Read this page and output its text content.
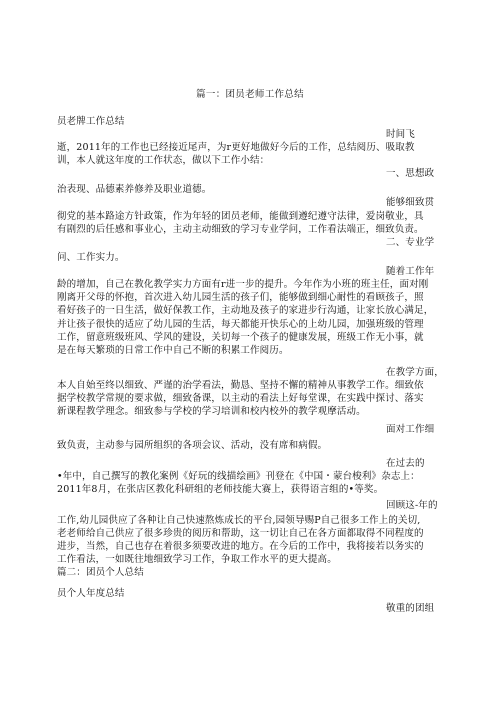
篇一：团员老师工作总结
员老牌工作总结
时间飞
逝，2011年的工作也已经接近尾声，为r更好地做好今后的工作，总结阅历、吸取教
训，本人就这年度的工作状态，做以下工作小结：
一、思想政
治表现、品德素养修养及职业道德。
能够细致贯
彻党的基本路途方针政策，作为年轻的团员老师，能做到遵纪遵守法律，爱岗敬业，具
有剧烈的后任感和事业心，主动主动细致的学习专业学问，工作看法端正，细致负责。
二、专业学
问、工作实力。
随着工作年
龄的增加，自己在教化教学实力方面有r进一步的提升。今年作为小班的班主任，面对刚
刚离开父母的怀抱，首次进入幼儿园生活的孩子们，能够做到细心耐性的看顾孩子，照
看好孩子的一日生活，做好保教工作，主动地及孩子的家进步行沟通，让家长放心满足，
并让孩子很快的适应了幼儿园的生活，每天都能开快乐心的上幼儿园，加强班级的管理
工作，留意班级班风、学风的建设，关切每一个孩子的健康发展，班级工作无小事，就
是在每天繁琐的日常工作中自己不断的积累工作阅历。
在教学方面，
本人自始至终以细致、严谨的治学看法，勤恳、坚持不懈的精神从事教学工作。细致依
据学校教学常规的要求做，细致备课，以主动的看法上好每堂课，在实践中探讨、落实
新课程教学理念。细致参与学校的学习培训和校内校外的教学观摩活动。
面对工作细
致负责，主动参与园所组织的各项会议、活动，没有席和病假。
在过去的
•年中，自己撰写的教化案例《好玩的线描绘画》刊登在《中国・蒙台梭利》杂志上：
2011年8月，在张店区教化科研组的老师技能大赛上，获得语言组的•等奖。
回顾这-年的
工作,幼儿园供应了各种让自己快速熬炼成长的平台,园领导赐P自己很多工作上的关切,
老老师给自己供应了很多珍贵的阅历和帮助，这一切让自己在各方面都取得不同程度的
进步，当然，自己也存在着很多须要改进的地方。在今后的工作中，我将接若以务实的
工作看法，一如既往地细致学习工作，争取工作水平的更大提高。
篇二：团员个人总结
员个人年度总结
敬重的团组
